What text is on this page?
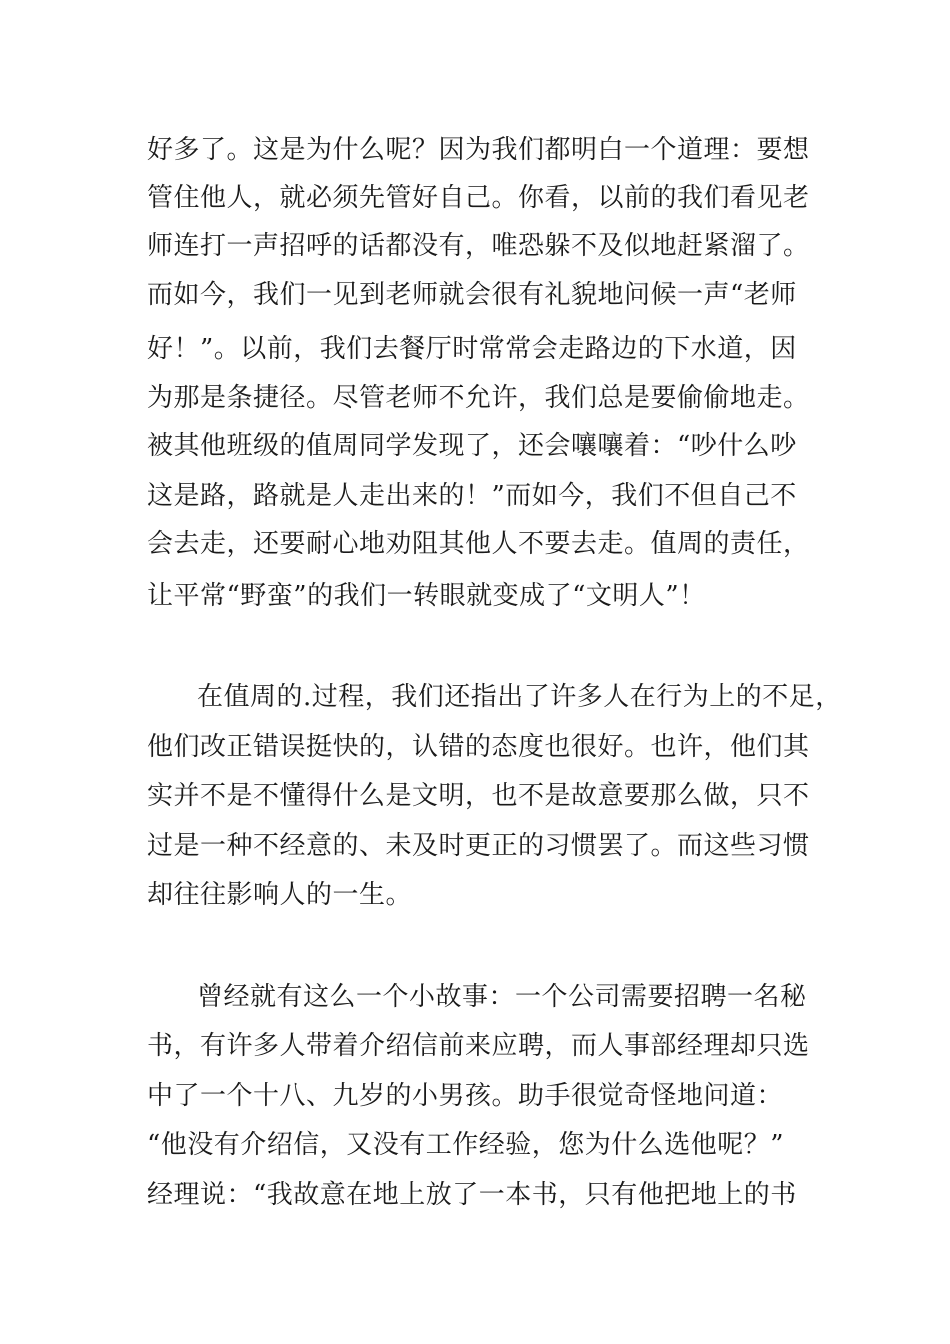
好多了。这是为什么呢？因为我们都明白一个道理：要想
管住他人，就必须先管好自己。你看，以前的我们看见老
师连打一声招呼的话都没有，唯恐躲不及似地赶紧溜了。
而如今，我们一见到老师就会很有礼貌地问候一声“老师
好！”。以前，我们去餐厅时常常会走路边的下水道，因
为那是条捷径。尽管老师不允许，我们总是要偷偷地走。
被其他班级的值周同学发现了，还会嚷嚷着：“吵什么吵
这是路，路就是人走出来的！”而如今，我们不但自己不
会去走，还要耐心地劝阻其他人不要去走。值周的责任，
让平常“野蛮”的我们一转眼就变成了“文明人”！
在值周的.过程，我们还指出了许多人在行为上的不足，
他们改正错误挺快的，认错的态度也很好。也许，他们其
实并不是不懂得什么是文明，也不是故意要那么做，只不
过是一种不经意的、未及时更正的习惯罢了。而这些习惯
却往往影响人的一生。
曾经就有这么一个小故事：一个公司需要招聘一名秘
书，有许多人带着介绍信前来应聘，而人事部经理却只选
中了一个十八、九岁的小男孩。助手很觉奇怪地问道：
“他没有介绍信，又没有工作经验，您为什么选他呢？”
经理说：“我故意在地上放了一本书，只有他把地上的书
